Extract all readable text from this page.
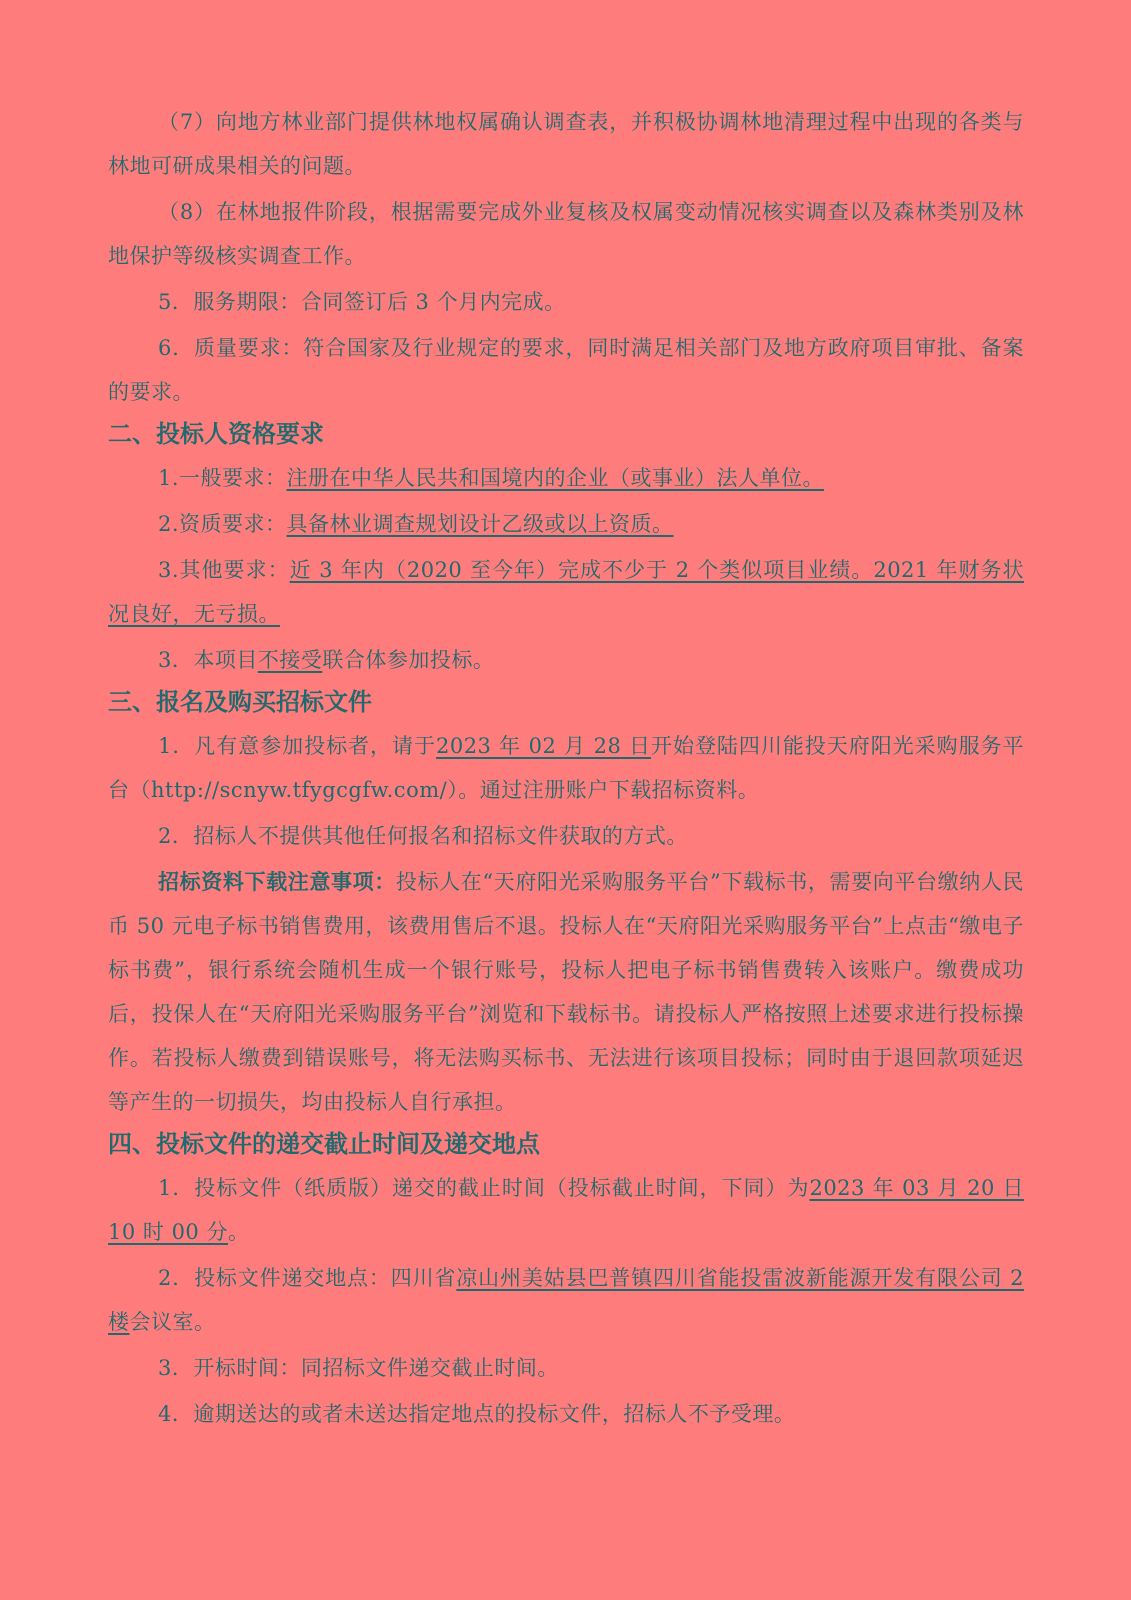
（7）向地方林业部门提供林地权属确认调查表，并积极协调林地清理过程中出现的各类与林地可研成果相关的问题。

（8）在林地报件阶段，根据需要完成外业复核及权属变动情况核实调查以及森林类别及林地保护等级核实调查工作。

5．服务期限：合同签订后 3 个月内完成。

6．质量要求：符合国家及行业规定的要求，同时满足相关部门及地方政府项目审批、备案的要求。

二、投标人资格要求

1.一般要求：注册在中华人民共和国境内的企业（或事业）法人单位。

2.资质要求：具备林业调查规划设计乙级或以上资质。

3.其他要求：近 3 年内（2020 至今年）完成不少于 2 个类似项目业绩。2021 年财务状况良好，无亏损。

3．本项目不接受联合体参加投标。

三、报名及购买招标文件

1．凡有意参加投标者，请于2023 年 02 月 28 日开始登陆四川能投天府阳光采购服务平台（http://scnyw.tfygcgfw.com/）。通过注册账户下载招标资料。

2．招标人不提供其他任何报名和招标文件获取的方式。

招标资料下载注意事项：投标人在“天府阳光采购服务平台”下载标书，需要向平台缴纳人民币 50 元电子标书销售费用，该费用售后不退。投标人在“天府阳光采购服务平台”上点击“缴电子标书费”，银行系统会随机生成一个银行账号，投标人把电子标书销售费转入该账户。缴费成功后，投保人在“天府阳光采购服务平台”浏览和下载标书。请投标人严格按照上述要求进行投标操作。若投标人缴费到错误账号，将无法购买标书、无法进行该项目投标；同时由于退回款项延迟等产生的一切损失，均由投标人自行承担。

四、投标文件的递交截止时间及递交地点

1．投标文件（纸质版）递交的截止时间（投标截止时间，下同）为2023 年 03 月 20 日 10 时 00 分。

2．投标文件递交地点：四川省凉山州美姑县巴普镇四川省能投雷波新能源开发有限公司 2 楼会议室。

3．开标时间：同招标文件递交截止时间。

4．逾期送达的或者未送达指定地点的投标文件，招标人不予受理。
